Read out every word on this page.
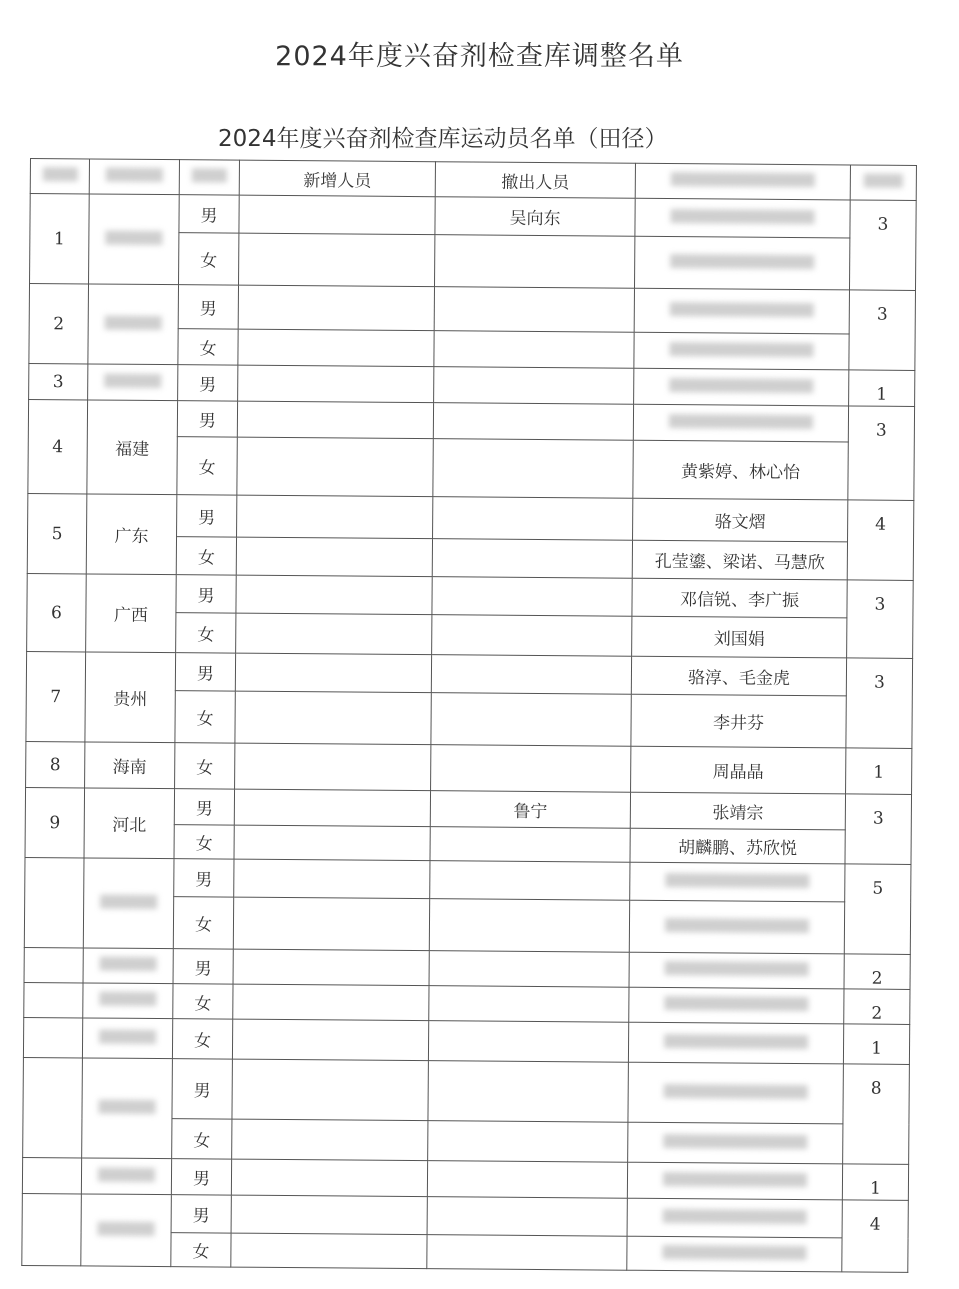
2024年度兴奋剂检查库调整名单
2024年度兴奋剂检查库运动员名单（田径）
			新增人员	撤出人员		
1		男		吴向东		3
		女				
2		男				3
		女				
3		男				1
4	福建	男				3
		女			黄紫婷、林心怡	
5	广东	男			骆文熠	4
		女			孔莹鎏、梁诺、马慧欣	
6	广西	男			邓信锐、李广振	3
		女			刘国娟	
7	贵州	男			骆淳、毛金虎	3
		女			李井芬	
8	海南	女			周晶晶	1
9	河北	男		鲁宁	张靖宗	3
		女			胡麟鹏、苏欣悦	
		男				5
		女				
		男				2
		女				2
		女				1
		男				8
		女				
		男				1
		男				4
		女				
